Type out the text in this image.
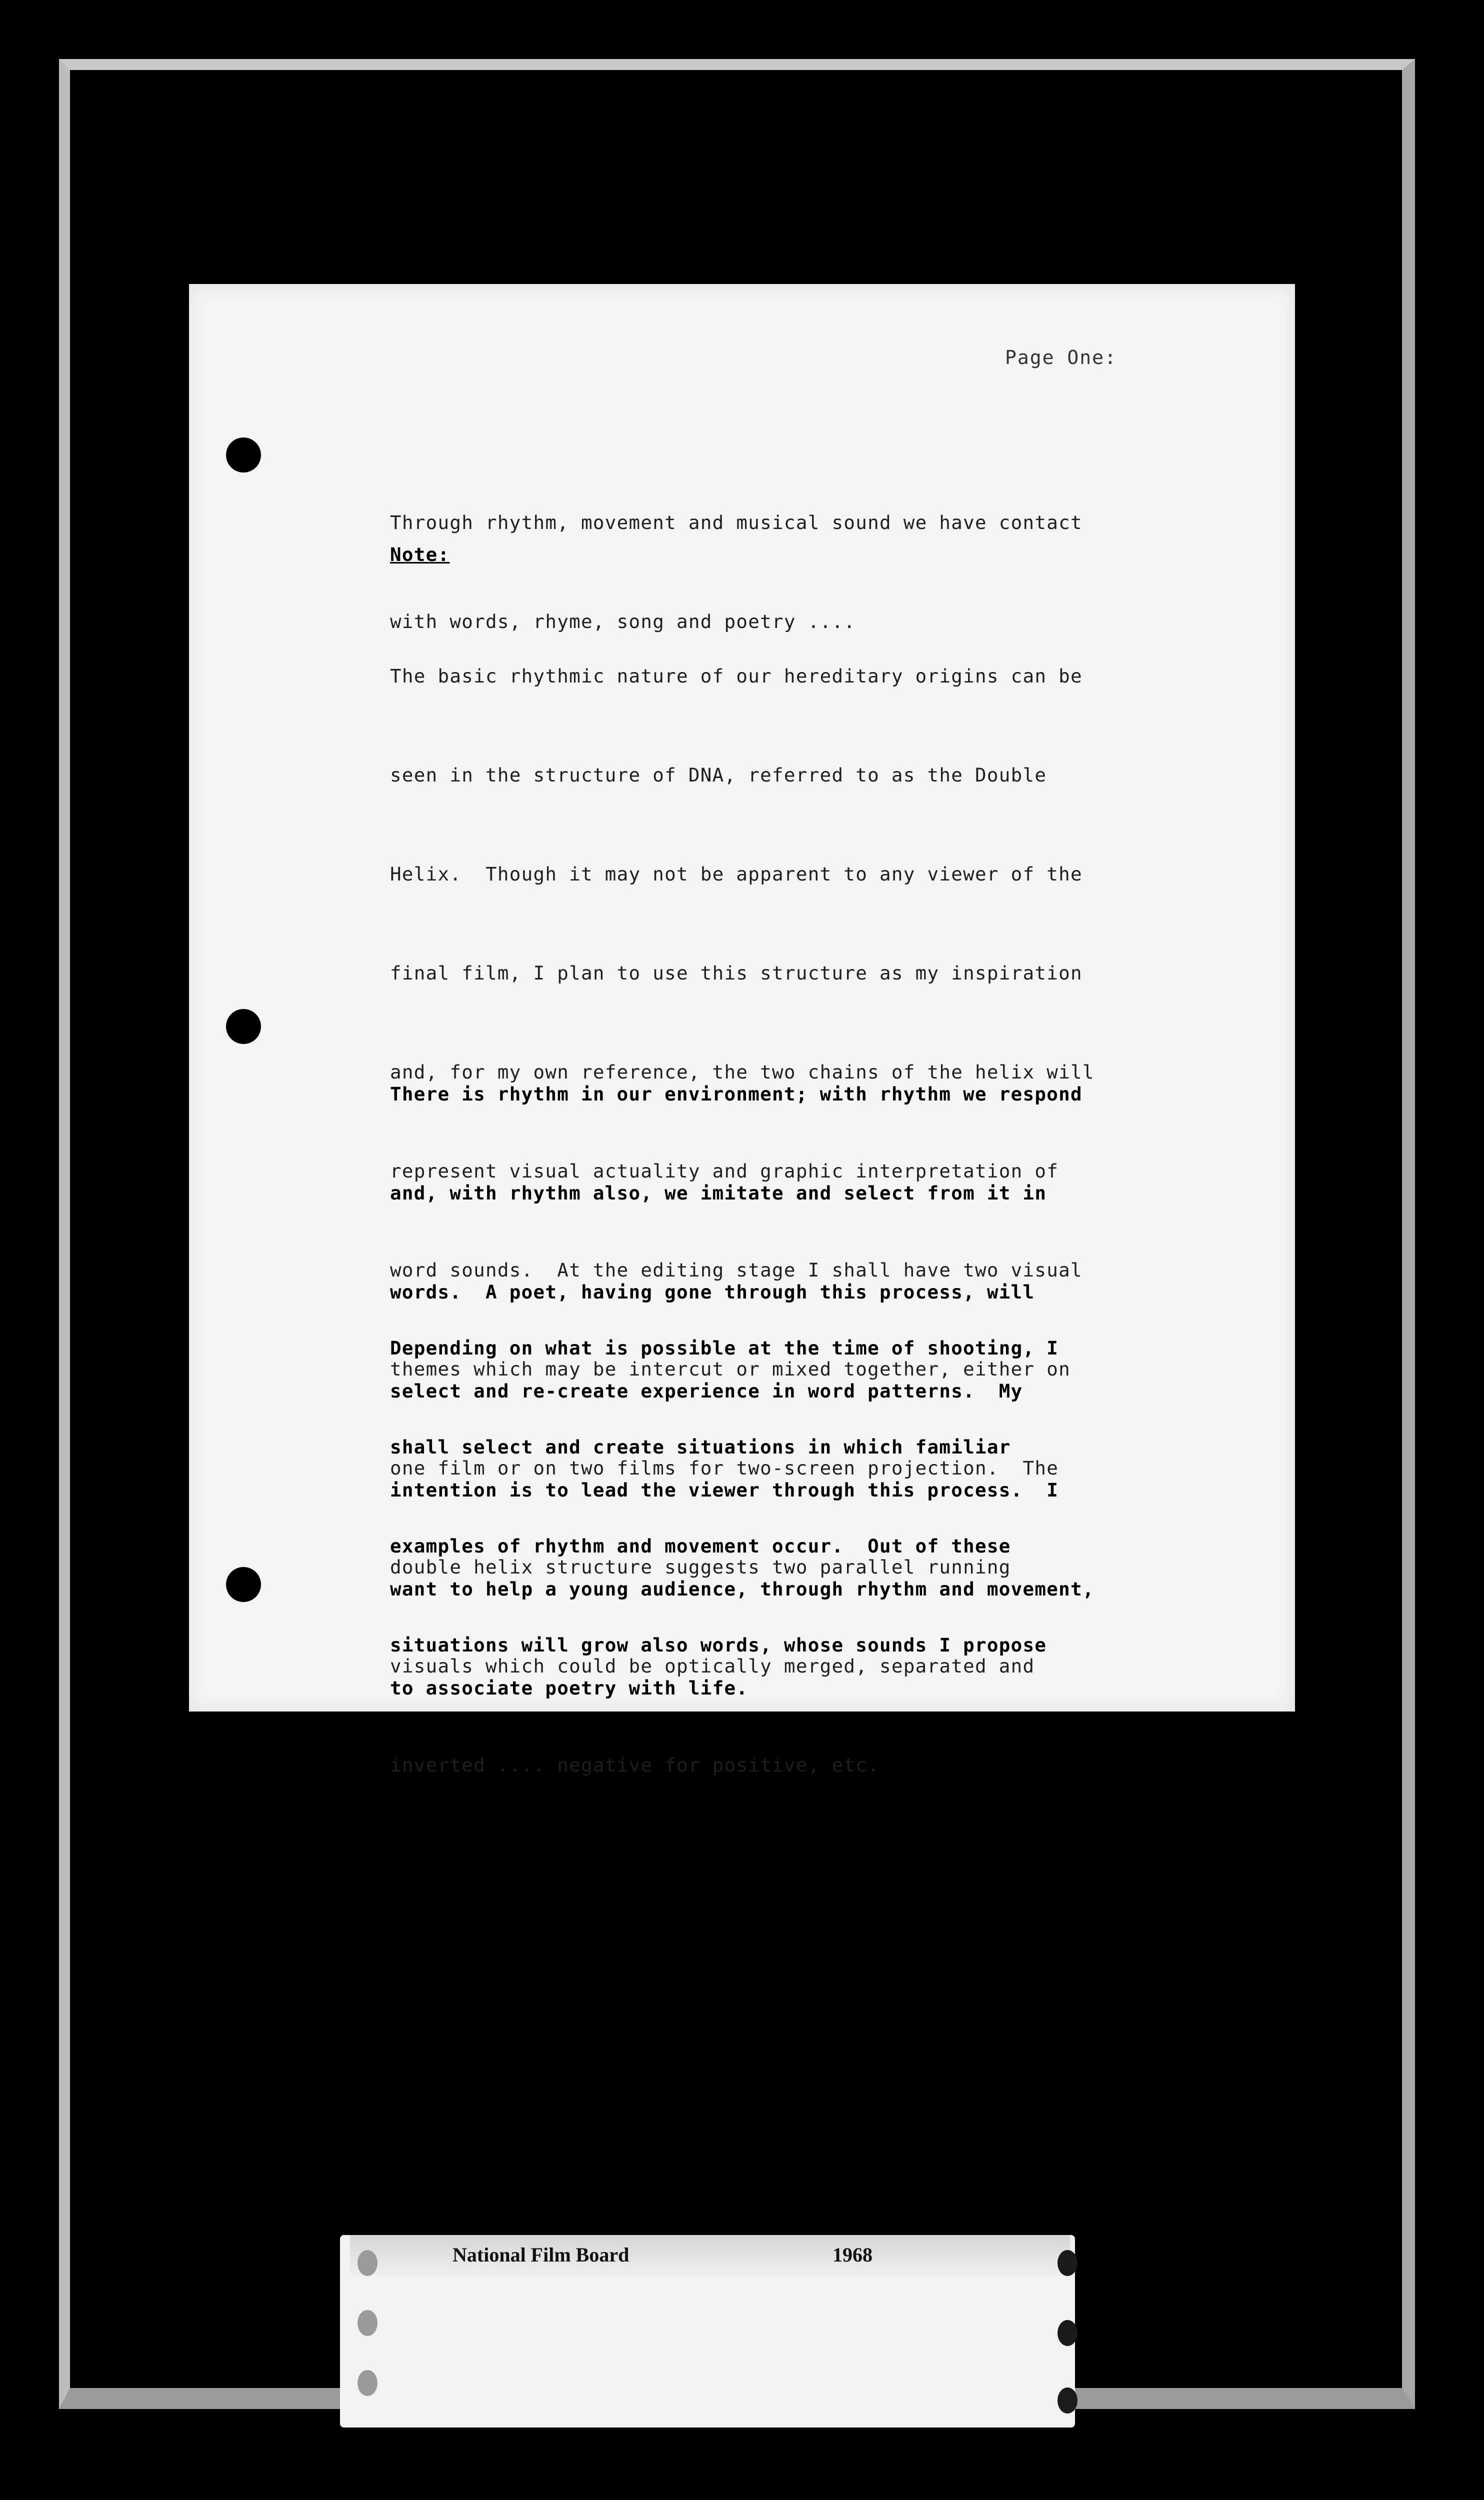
Page One:

Through rhythm, movement and musical sound we have contact

with words, rhyme, song and poetry ....

Note:

The basic rhythmic nature of our hereditary origins can be

seen in the structure of DNA, referred to as the Double

Helix.  Though it may not be apparent to any viewer of the

final film, I plan to use this structure as my inspiration

and, for my own reference, the two chains of the helix will

represent visual actuality and graphic interpretation of

word sounds.  At the editing stage I shall have two visual

themes which may be intercut or mixed together, either on

one film or on two films for two-screen projection.  The

double helix structure suggests two parallel running

visuals which could be optically merged, separated and

inverted .... negative for positive, etc.

There is rhythm in our environment; with rhythm we respond

and, with rhythm also, we imitate and select from it in

words.  A poet, having gone through this process, will

select and re-create experience in word patterns.  My

intention is to lead the viewer through this process.  I

want to help a young audience, through rhythm and movement,

to associate poetry with life.

Depending on what is possible at the time of shooting, I

shall select and create situations in which familiar

examples of rhythm and movement occur.  Out of these

situations will grow also words, whose sounds I propose

to animate by computer graphics.  Motivated from the start

by action within the picture, words in the end poem will

become the motivation.

National Film Board	1968
